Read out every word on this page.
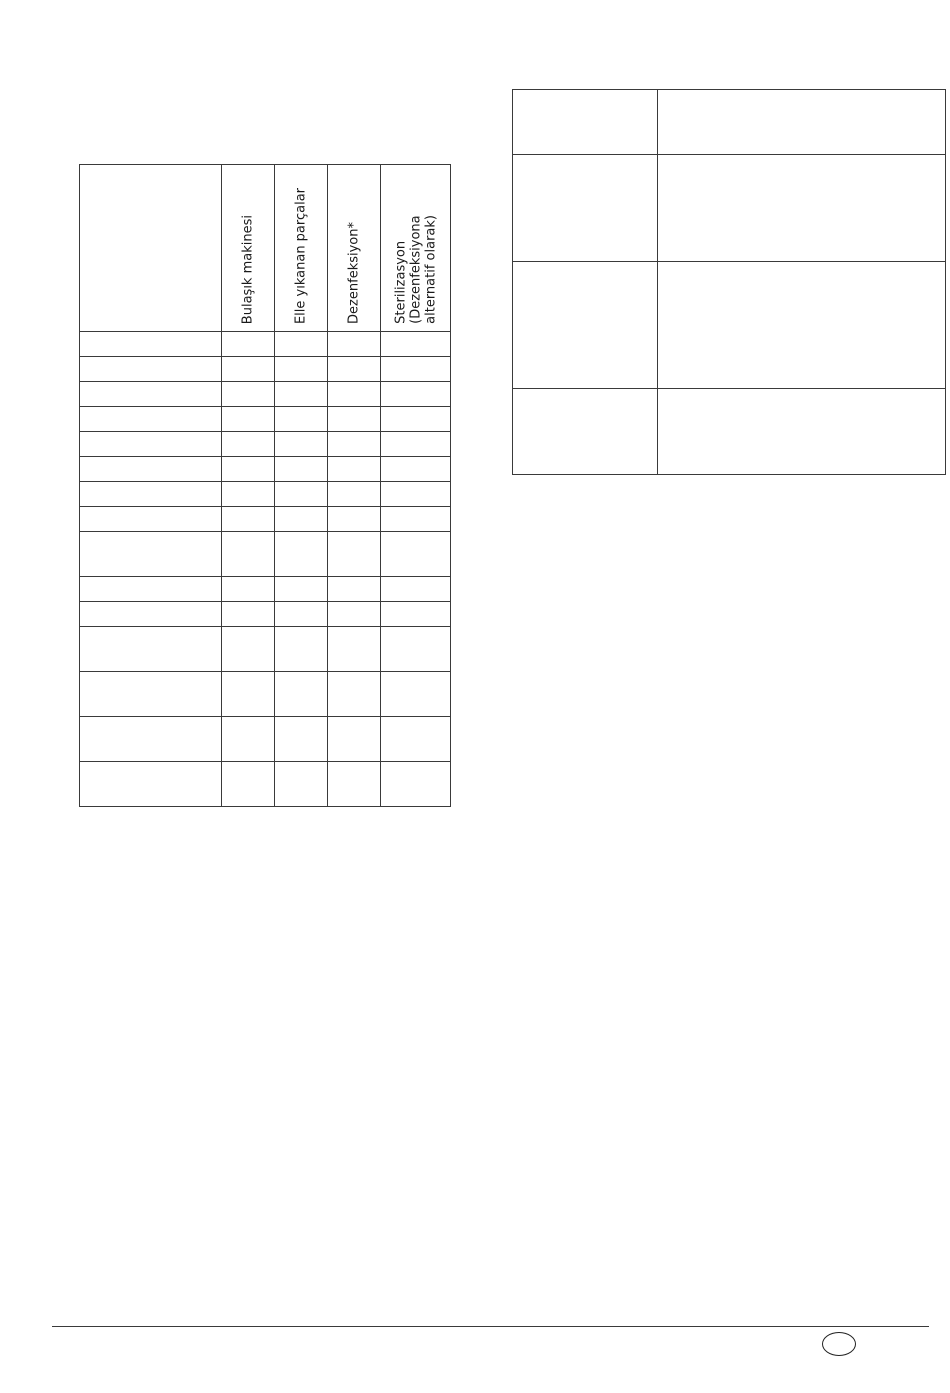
	Bulaşık makinesi	Elle yıkanan parçalar	Dezenfeksiyon*	Sterilizasyon
(Dezenfeksiyona
alternatif olarak)
